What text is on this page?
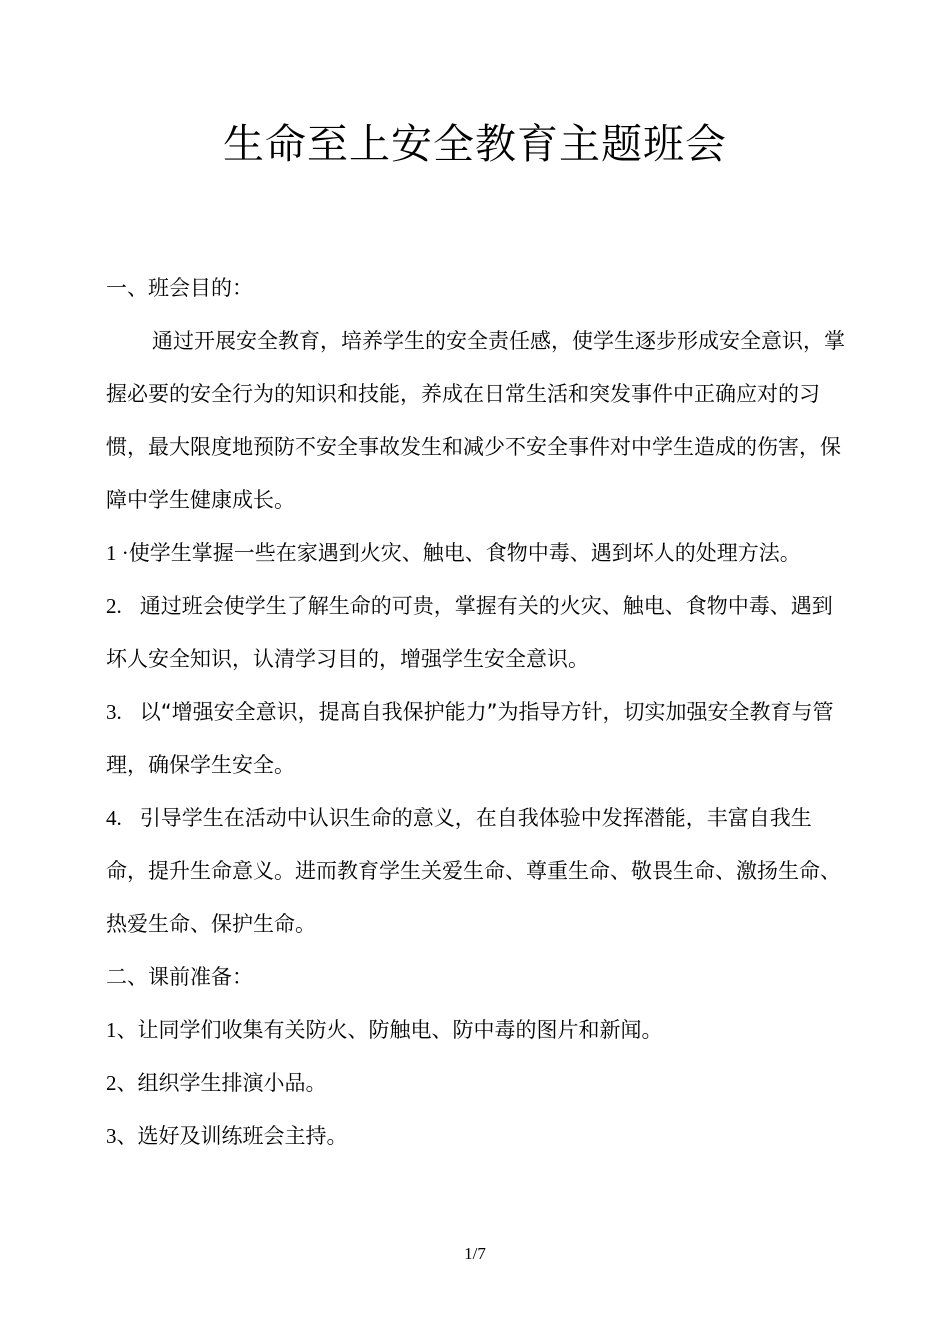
生命至上安全教育主题班会

一、班会目的：

通过开展安全教育，培养学生的安全责任感，使学生逐步形成安全意识，掌握必要的安全行为的知识和技能，养成在日常生活和突发事件中正确应对的习惯，最大限度地预防不安全事故发生和减少不安全事件对中学生造成的伤害，保障中学生健康成长。

1 ·使学生掌握一些在家遇到火灾、触电、食物中毒、遇到坏人的处理方法。

2. 通过班会使学生了解生命的可贵，掌握有关的火灾、触电、食物中毒、遇到坏人安全知识，认清学习目的，增强学生安全意识。

3. 以“增强安全意识，提髙自我保护能力”为指导方针，切实加强安全教育与管理，确保学生安全。

4. 引导学生在活动中认识生命的意义，在自我体验中发挥潜能，丰富自我生命，提升生命意义。进而教育学生关爱生命、尊重生命、敬畏生命、激扬生命、热爱生命、保护生命。

二、课前准备：

1、让同学们收集有关防火、防触电、防中毒的图片和新闻。

2、组织学生排演小品。

3、选好及训练班会主持。

1/7
